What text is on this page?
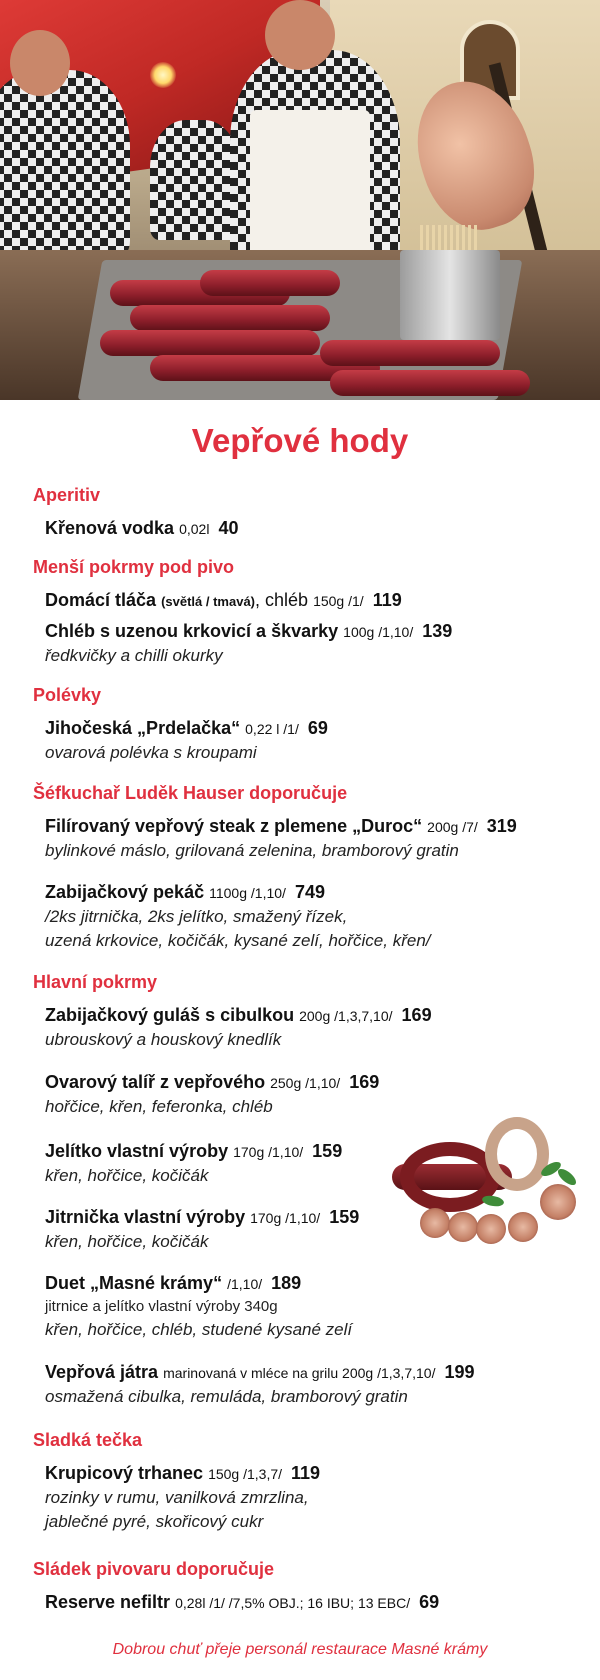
Vepřové hody
Aperitiv
Křenová vodka 0,02l 40
Menší pokrmy pod pivo
Domácí tláča (světlá / tmavá), chléb 150g /1/ 119
Chléb s uzenou krkovicí a škvarky 100g /1,10/ 139
ředkvičky a chilli okurky
Polévky
Jihočeská „Prdelačka“ 0,22 l /1/ 69
ovarová polévka s kroupami
Šéfkuchař Luděk Hauser doporučuje
Filírovaný vepřový steak z plemene „Duroc“ 200g /7/ 319
bylinkové máslo, grilovaná zelenina, bramborový gratin
Zabijačkový pekáč 1100g /1,10/ 749
/2ks jitrnička, 2ks jelítko, smažený řízek,
uzená krkovice, kočičák, kysané zelí, hořčice, křen/
Hlavní pokrmy
Zabijačkový guláš s cibulkou 200g /1,3,7,10/ 169
ubrouskový a houskový knedlík
Ovarový talíř z vepřového 250g /1,10/ 169
hořčice, křen, feferonka, chléb
Jelítko vlastní výroby 170g /1,10/ 159
křen, hořčice, kočičák
Jitrnička vlastní výroby 170g /1,10/ 159
křen, hořčice, kočičák
Duet „Masné krámy“ /1,10/ 189
jitrnice a jelítko vlastní výroby 340g
křen, hořčice, chléb, studené kysané zelí
Vepřová játra marinovaná v mléce na grilu 200g /1,3,7,10/ 199
osmažená cibulka, remuláda, bramborový gratin
Sladká tečka
Krupicový trhanec 150g /1,3,7/ 119
rozinky v rumu, vanilková zmrzlina,
jablečné pyré, skořicový cukr
Sládek pivovaru doporučuje
Reserve nefiltr 0,28l /1/ /7,5% OBJ.; 16 IBU; 13 EBC/ 69
Dobrou chuť přeje personál restaurace Masné krámy
